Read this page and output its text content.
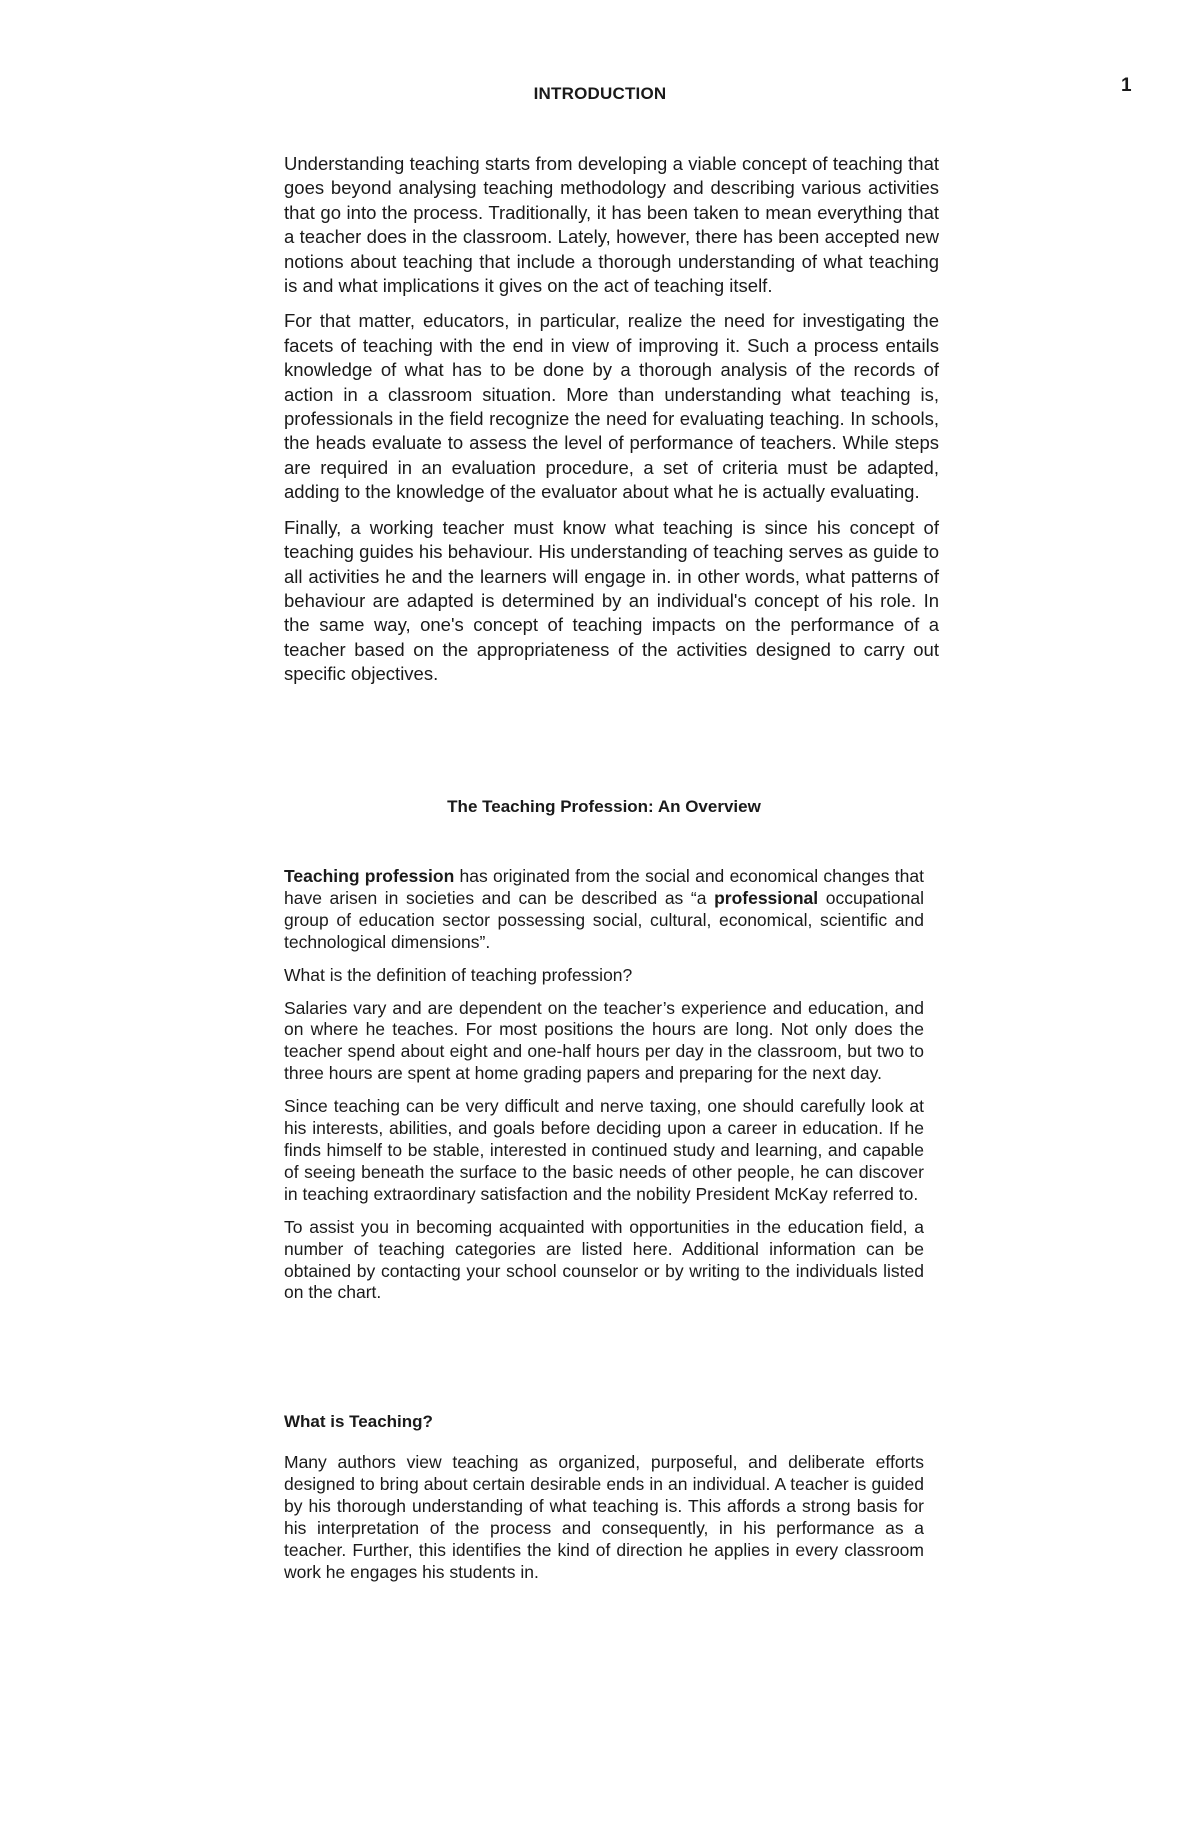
1
INTRODUCTION

Understanding teaching starts from developing a viable concept of teaching that goes beyond analysing teaching methodology and describing various activities that go into the process. Traditionally, it has been taken to mean everything that a teacher does in the classroom. Lately, however, there has been accepted new notions about teaching that include a thorough understanding of what teaching is and what implications it gives on the act of teaching itself.

For that matter, educators, in particular, realize the need for investigating the facets of teaching with the end in view of improving it. Such a process entails knowledge of what has to be done by a thorough analysis of the records of action in a classroom situation. More than understanding what teaching is, professionals in the field recognize the need for evaluating teaching. In schools, the heads evaluate to assess the level of performance of teachers. While steps are required in an evaluation procedure, a set of criteria must be adapted, adding to the knowledge of the evaluator about what he is actually evaluating.

Finally, a working teacher must know what teaching is since his concept of teaching guides his behaviour. His understanding of teaching serves as guide to all activities he and the learners will engage in. in other words, what patterns of behaviour are adapted is determined by an individual's concept of his role. In the same way, one's concept of teaching impacts on the performance of a teacher based on the appropriateness of the activities designed to carry out specific objectives.

The Teaching Profession: An Overview

Teaching profession has originated from the social and economical changes that have arisen in societies and can be described as “a professional occupational group of education sector possessing social, cultural, economical, scientific and technological dimensions”.

What is the definition of teaching profession?

Salaries vary and are dependent on the teacher’s experience and education, and on where he teaches. For most positions the hours are long. Not only does the teacher spend about eight and one-half hours per day in the classroom, but two to three hours are spent at home grading papers and preparing for the next day.

Since teaching can be very difficult and nerve taxing, one should carefully look at his interests, abilities, and goals before deciding upon a career in education. If he finds himself to be stable, interested in continued study and learning, and capable of seeing beneath the surface to the basic needs of other people, he can discover in teaching extraordinary satisfaction and the nobility President McKay referred to.

To assist you in becoming acquainted with opportunities in the education field, a number of teaching categories are listed here. Additional information can be obtained by contacting your school counselor or by writing to the individuals listed on the chart.

What is Teaching?

Many authors view teaching as organized, purposeful, and deliberate efforts designed to bring about certain desirable ends in an individual. A teacher is guided by his thorough understanding of what teaching is. This affords a strong basis for his interpretation of the process and consequently, in his performance as a teacher. Further, this identifies the kind of direction he applies in every classroom work he engages his students in.
